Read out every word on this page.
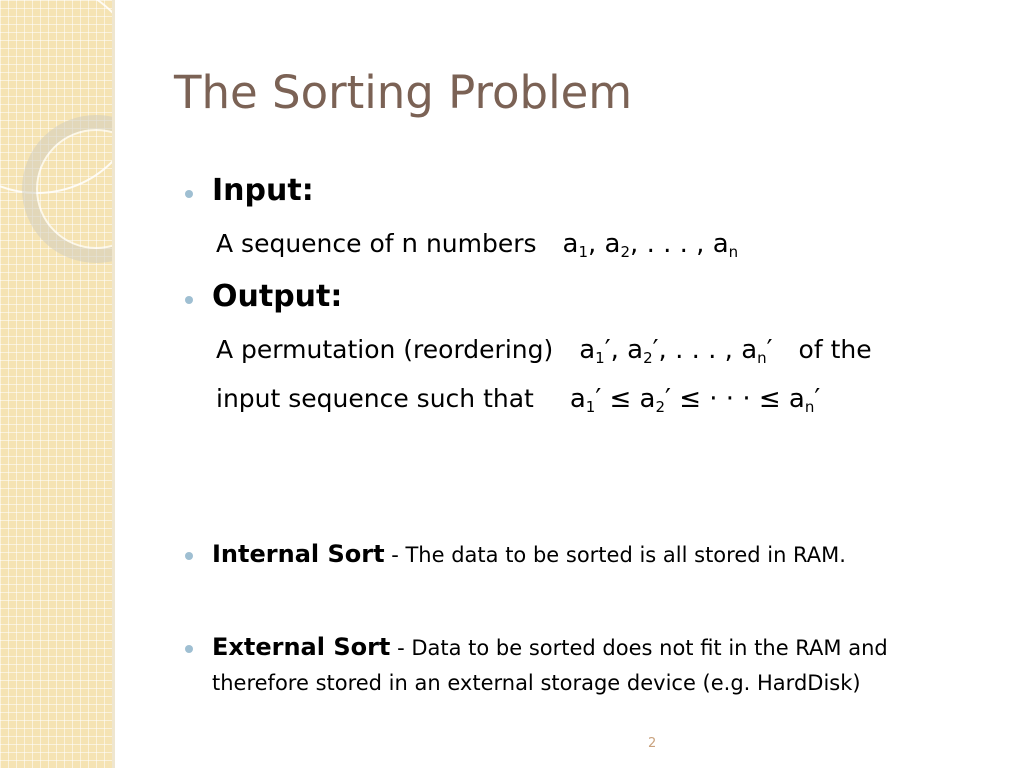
The Sorting Problem
Input:
A sequence of n numbers $a_1$, $a_2$, . . . , $a_n$
Output:
A permutation (reordering) $a_1'$, $a_2'$, . . . , $a_n'$ of the
input sequence such that $a_1' \le a_2'$ ≤ · · · ≤ $a_n'$
Internal Sort - The data to be sorted is all stored in RAM.
External Sort - Data to be sorted does not fit in the RAM and
therefore stored in an external storage device (e.g. HardDisk)
2
